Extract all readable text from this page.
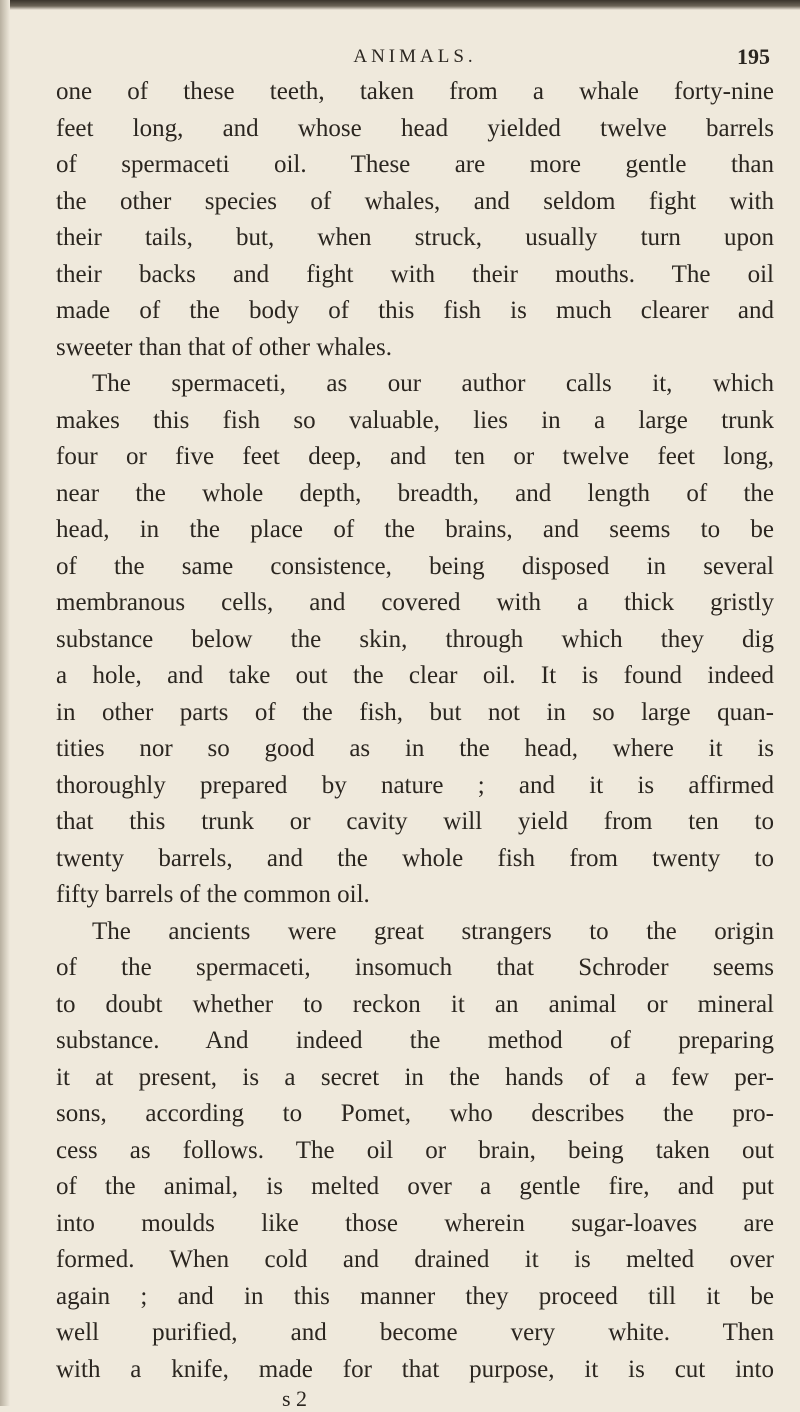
ANIMALS.	195
one of these teeth, taken from a whale forty-nine
feet long, and whose head yielded twelve barrels
of spermaceti oil. These are more gentle than
the other species of whales, and seldom fight with
their tails, but, when struck, usually turn upon
their backs and fight with their mouths. The oil
made of the body of this fish is much clearer and
sweeter than that of other whales.
The spermaceti, as our author calls it, which
makes this fish so valuable, lies in a large trunk
four or five feet deep, and ten or twelve feet long,
near the whole depth, breadth, and length of the
head, in the place of the brains, and seems to be
of the same consistence, being disposed in several
membranous cells, and covered with a thick gristly
substance below the skin, through which they dig
a hole, and take out the clear oil. It is found indeed
in other parts of the fish, but not in so large quan-
tities nor so good as in the head, where it is
thoroughly prepared by nature ; and it is affirmed
that this trunk or cavity will yield from ten to
twenty barrels, and the whole fish from twenty to
fifty barrels of the common oil.
The ancients were great strangers to the origin
of the spermaceti, insomuch that Schroder seems
to doubt whether to reckon it an animal or mineral
substance. And indeed the method of preparing
it at present, is a secret in the hands of a few per-
sons, according to Pomet, who describes the pro-
cess as follows. The oil or brain, being taken out
of the animal, is melted over a gentle fire, and put
into moulds like those wherein sugar-loaves are
formed. When cold and drained it is melted over
again ; and in this manner they proceed till it be
well purified, and become very white. Then
with a knife, made for that purpose, it is cut into
s 2
